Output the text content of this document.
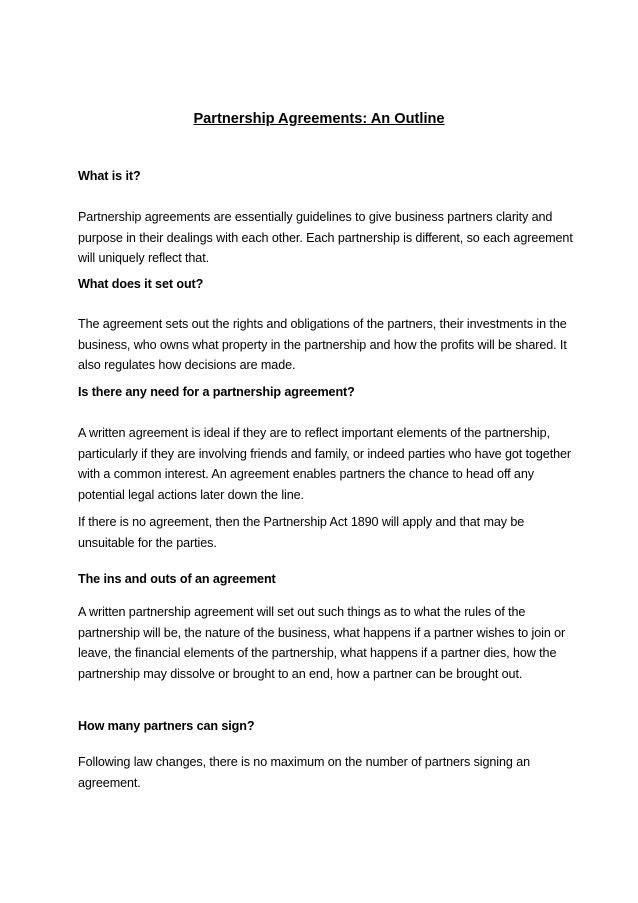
Partnership Agreements: An Outline

What is it?

Partnership agreements are essentially guidelines to give business partners clarity and purpose in their dealings with each other. Each partnership is different, so each agreement will uniquely reflect that.

What does it set out?

The agreement sets out the rights and obligations of the partners, their investments in the business, who owns what property in the partnership and how the profits will be shared. It also regulates how decisions are made.

Is there any need for a partnership agreement?

A written agreement is ideal if they are to reflect important elements of the partnership, particularly if they are involving friends and family, or indeed parties who have got together with a common interest. An agreement enables partners the chance to head off any potential legal actions later down the line.

If there is no agreement, then the Partnership Act 1890 will apply and that may be unsuitable for the parties.

The ins and outs of an agreement

A written partnership agreement will set out such things as to what the rules of the partnership will be, the nature of the business, what happens if a partner wishes to join or leave, the financial elements of the partnership, what happens if a partner dies, how the partnership may dissolve or brought to an end, how a partner can be brought out.

How many partners can sign?

Following law changes, there is no maximum on the number of partners signing an agreement.
